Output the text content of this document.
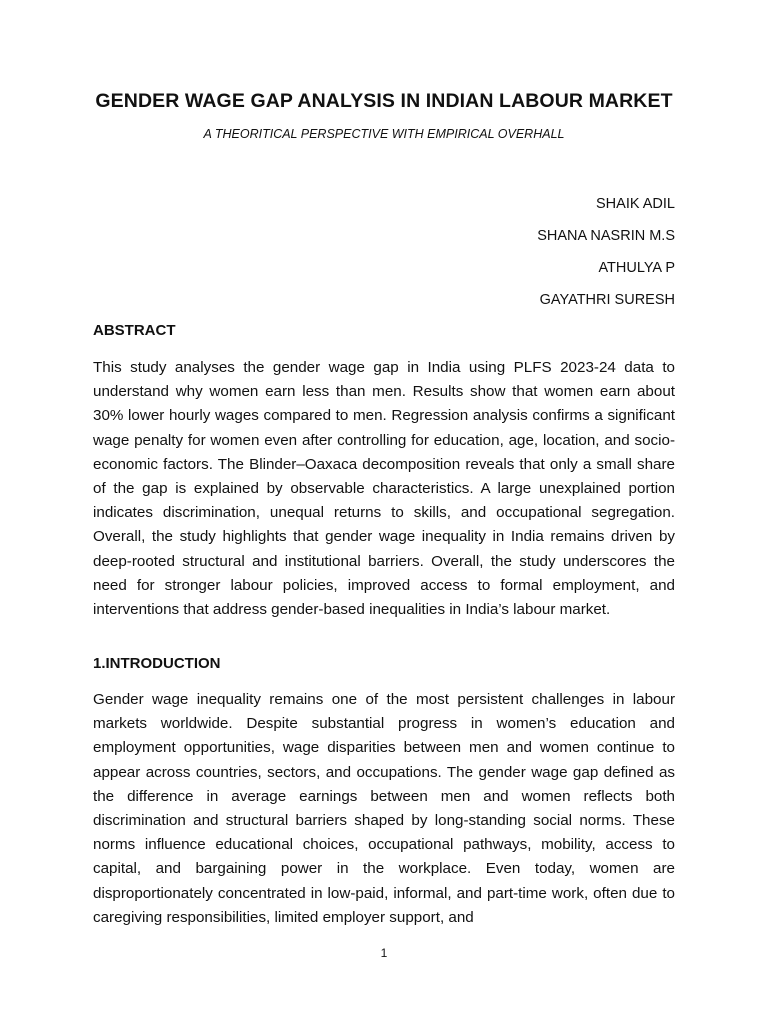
GENDER WAGE GAP ANALYSIS IN INDIAN LABOUR MARKET

A THEORITICAL PERSPECTIVE WITH EMPIRICAL OVERHALL

SHAIK ADIL
SHANA NASRIN M.S
ATHULYA P
GAYATHRI SURESH
ABSTRACT

This study analyses the gender wage gap in India using PLFS 2023-24 data to understand why women earn less than men. Results show that women earn about 30% lower hourly wages compared to men. Regression analysis confirms a significant wage penalty for women even after controlling for education, age, location, and socio-economic factors. The Blinder–Oaxaca decomposition reveals that only a small share of the gap is explained by observable characteristics. A large unexplained portion indicates discrimination, unequal returns to skills, and occupational segregation. Overall, the study highlights that gender wage inequality in India remains driven by deep-rooted structural and institutional barriers. Overall, the study underscores the need for stronger labour policies, improved access to formal employment, and interventions that address gender-based inequalities in India’s labour market.

1.INTRODUCTION

Gender wage inequality remains one of the most persistent challenges in labour markets worldwide. Despite substantial progress in women’s education and employment opportunities, wage disparities between men and women continue to appear across countries, sectors, and occupations. The gender wage gap defined as the difference in average earnings between men and women reflects both discrimination and structural barriers shaped by long-standing social norms. These norms influence educational choices, occupational pathways, mobility, access to capital, and bargaining power in the workplace. Even today, women are disproportionately concentrated in low-paid, informal, and part-time work, often due to caregiving responsibilities, limited employer support, and

1
